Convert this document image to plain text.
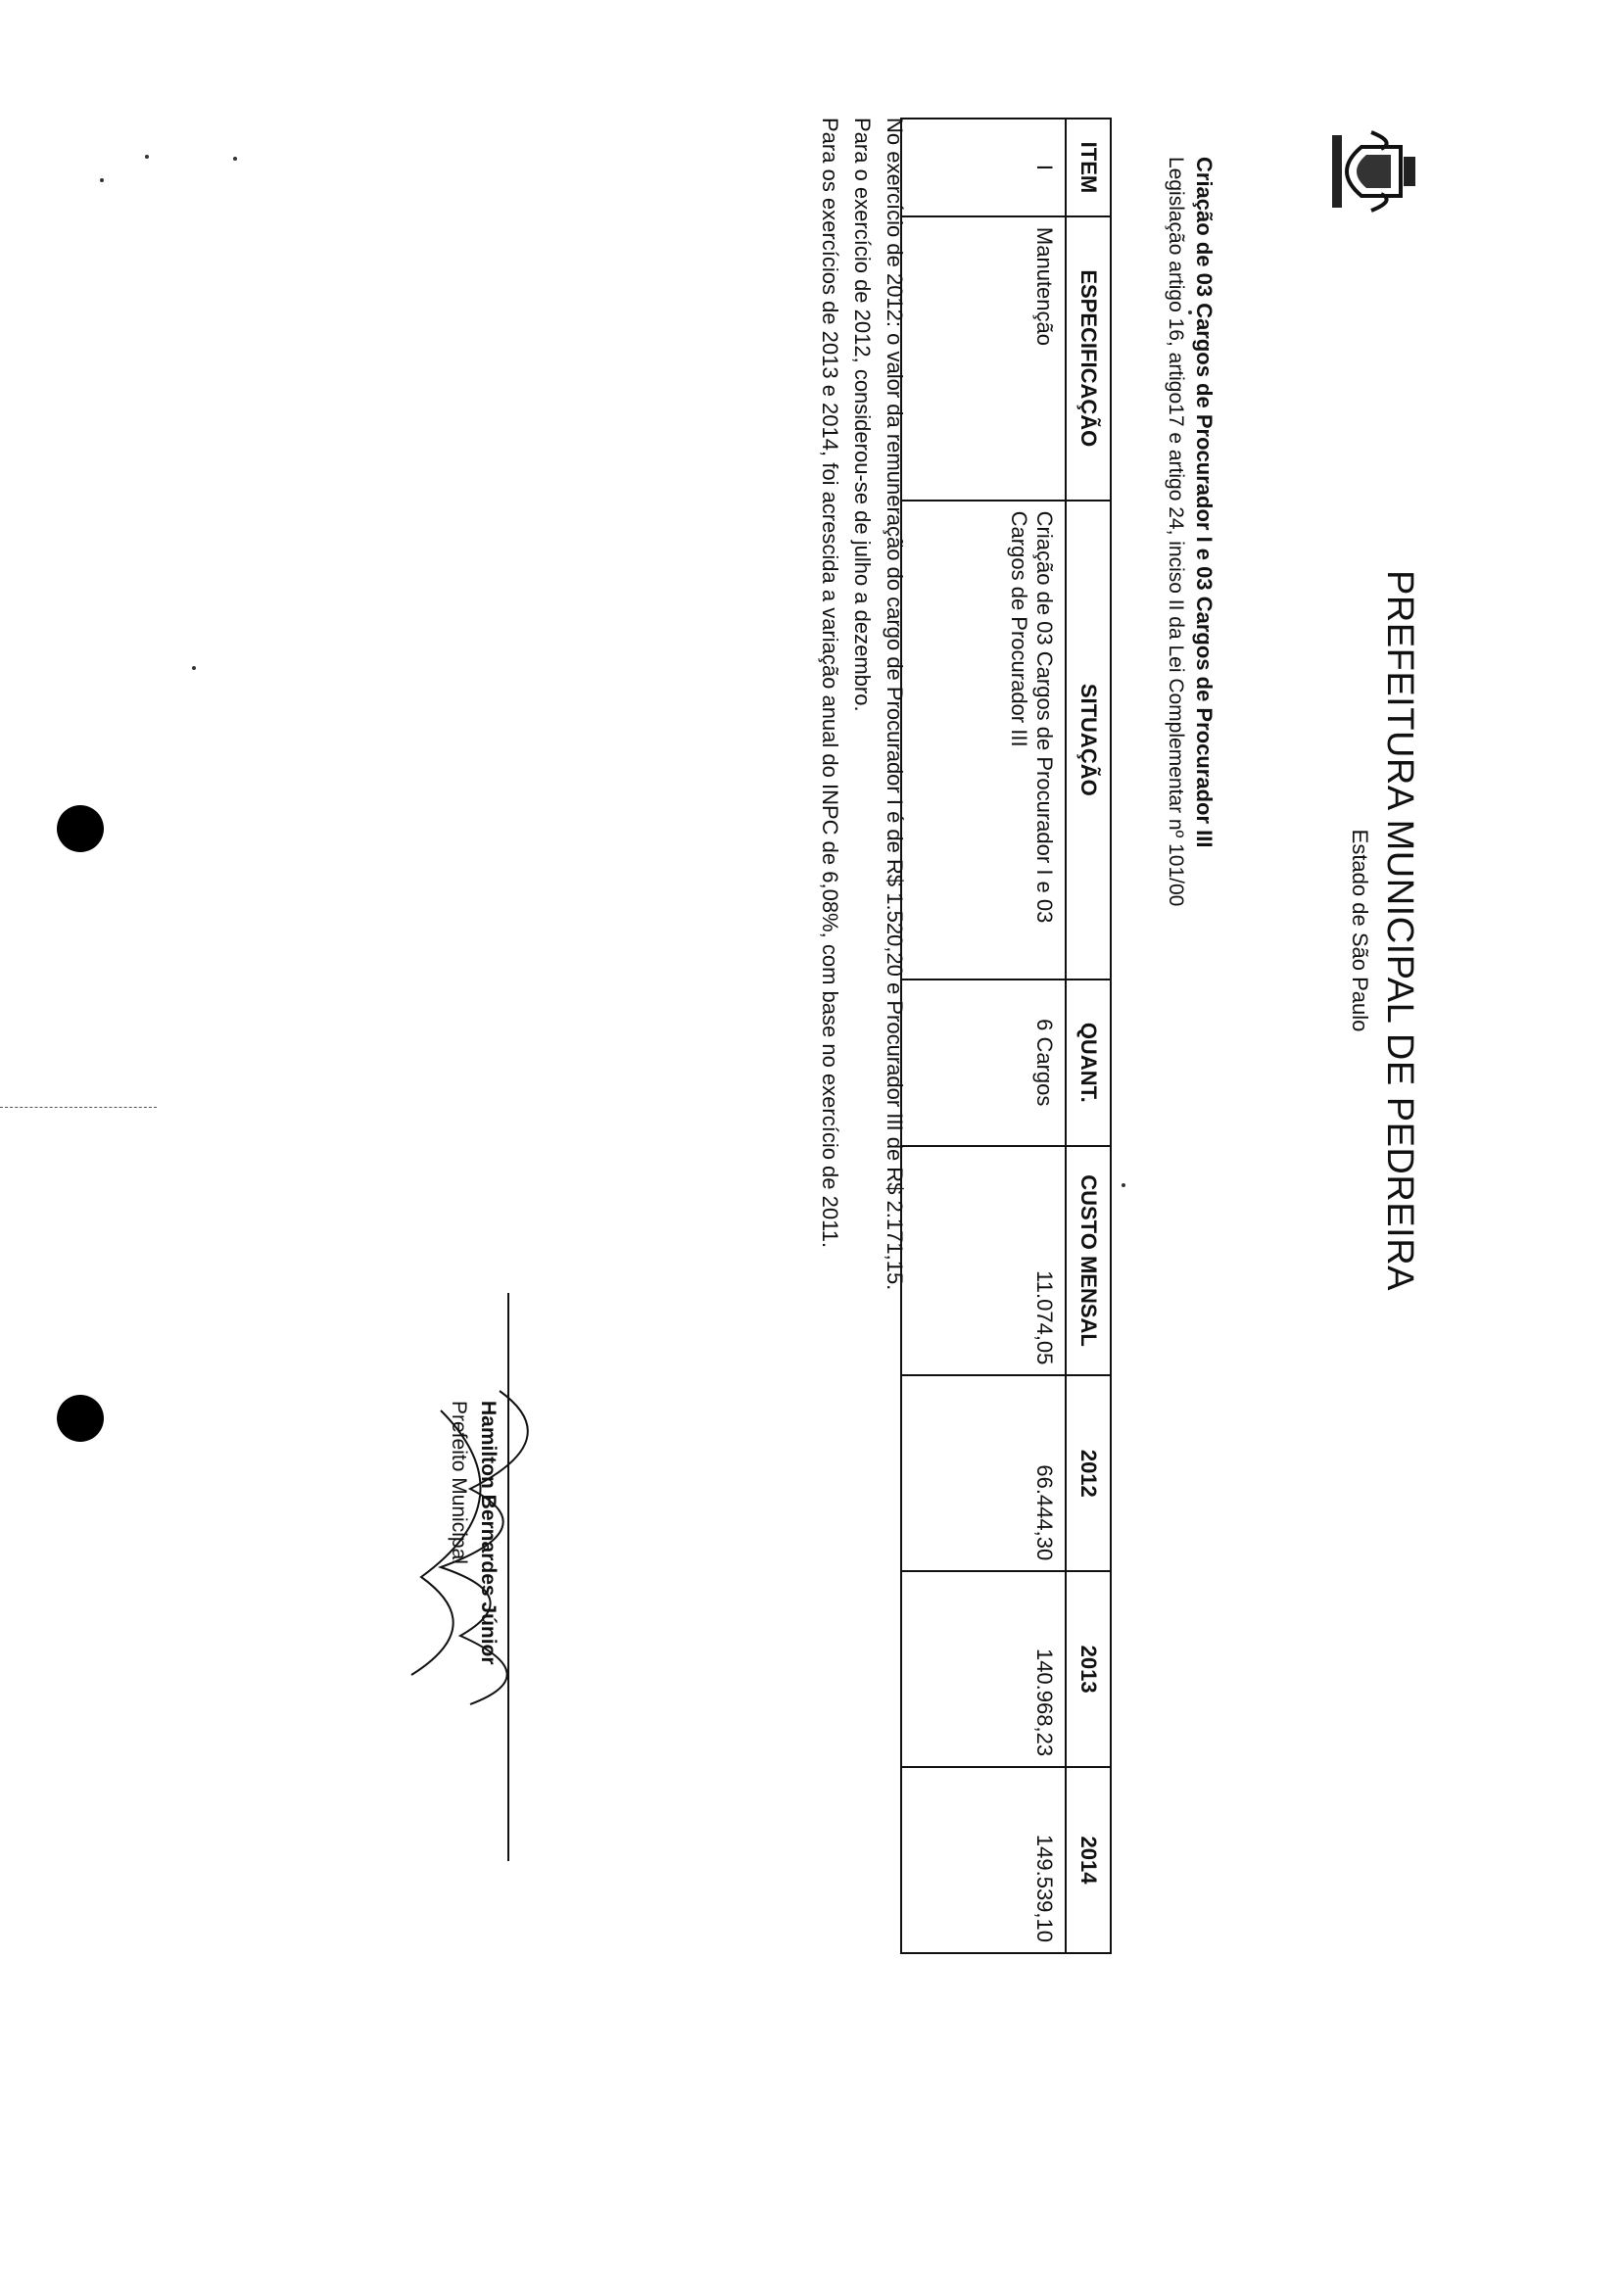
PREFEITURA MUNICIPAL DE PEDREIRA
Estado de São Paulo
Criação de 03 Cargos de Procurador I e 03 Cargos de Procurador III
Legislação artigo 16, artigo17 e artigo 24, inciso II da Lei Complementar nº 101/00
ITEM	ESPECIFICAÇÃO	SITUAÇÃO	QUANT.	CUSTO MENSAL	2012	2013	2014
I	Manutenção	Criação de 03 Cargos de Procurador I e 03 Cargos de Procurador III	6 Cargos	11.074,05	66.444,30	140.968,23	149.539,10
No exercício de 2012: o valor da remuneração do cargo de Procurador I é de R$ 1.520,20 e Procurador III de R$ 2.171,15.
Para o exercício de 2012, considerou-se de julho a dezembro.
Para os exercícios de 2013 e 2014, foi acrescida a variação anual do INPC de 6,08%, com base no exercício de 2011.
Hamilton Bernardes Júnior
Prefeito Municipal
